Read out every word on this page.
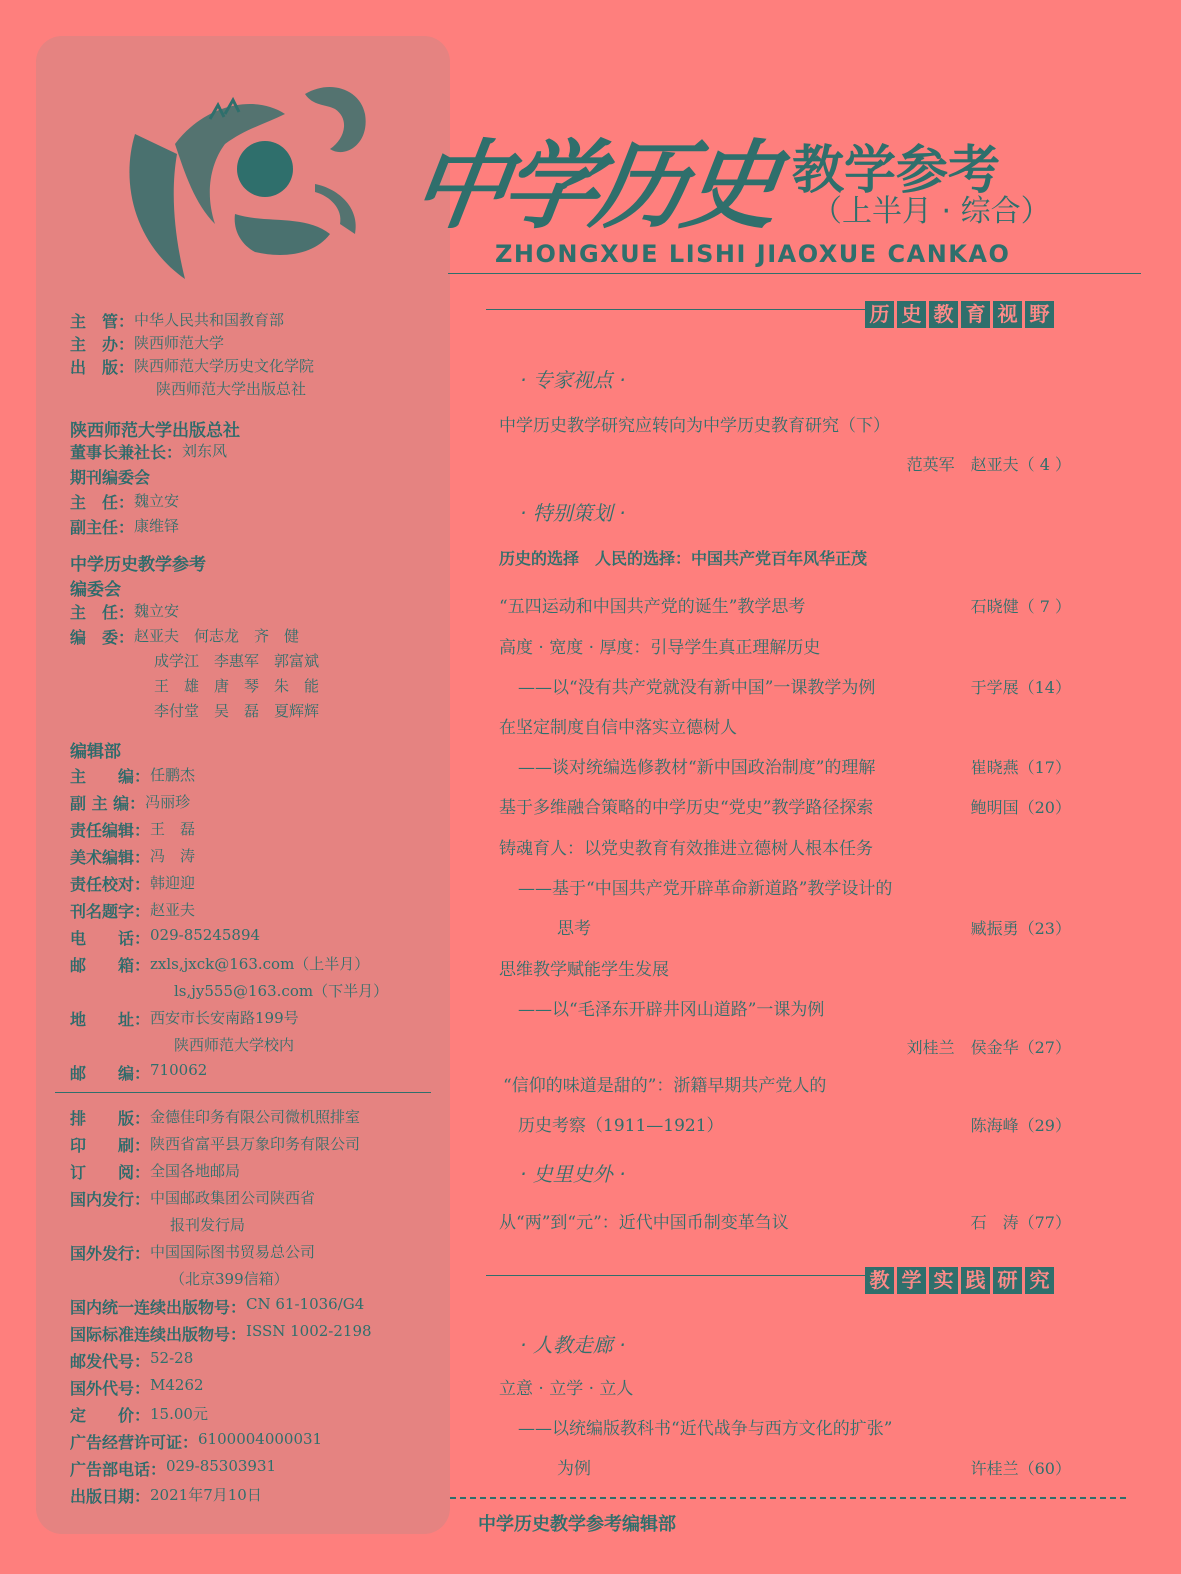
主　管： 中华人民共和国教育部
主　办： 陕西师范大学
出　版： 陕西师范大学历史文化学院
陕西师范大学出版总社
陕西师范大学出版总社
董事长兼社长： 刘东风
期刊编委会
主　任： 魏立安
副主任： 康维铎
中学历史教学参考
编委会
主　任： 魏立安
编　委： 赵亚夫　何志龙　齐　健
成学江　李惠军　郭富斌
王　雄　唐　琴　朱　能
李付堂　吴　磊　夏辉辉
编辑部
主　　编： 任鹏杰
副 主 编： 冯丽珍
责任编辑： 王　磊
美术编辑： 冯　涛
责任校对： 韩迎迎
刊名题字： 赵亚夫
电　　话： 029-85245894
邮　　箱： zxls,jxck@163.com（上半月）
ls,jy555@163.com（下半月）
地　　址： 西安市长安南路199号
陕西师范大学校内
邮　　编： 710062
排　　版： 金德佳印务有限公司微机照排室
印　　刷： 陕西省富平县万象印务有限公司
订　　阅： 全国各地邮局
国内发行： 中国邮政集团公司陕西省
报刊发行局
国外发行： 中国国际图书贸易总公司
（北京399信箱）
国内统一连续出版物号： CN 61-1036/G4
国际标准连续出版物号： ISSN 1002-2198
邮发代号： 52-28
国外代号： M4262
定　　价： 15.00元
广告经营许可证： 6100004000031
广告部电话： 029-85303931
出版日期： 2021年7月10日
中学历史 教学参考
（上半月 · 综合）
ZHONGXUE LISHI JIAOXUE CANKAO
历 史 教 育 视 野
· 专家视点 ·
中学历史教学研究应转向为中学历史教育研究（下）
范英军　赵亚夫（ 4 ）
· 特别策划 ·
历史的选择　人民的选择：中国共产党百年风华正茂
“五四运动和中国共产党的诞生”教学思考	石晓健（ 7 ）
高度 · 宽度 · 厚度：引导学生真正理解历史
——以“没有共产党就没有新中国”一课教学为例	于学展（14）
在坚定制度自信中落实立德树人
——谈对统编选修教材“新中国政治制度”的理解	崔晓燕（17）
基于多维融合策略的中学历史“党史”教学路径探索	鲍明国（20）
铸魂育人：以党史教育有效推进立德树人根本任务
——基于“中国共产党开辟革命新道路”教学设计的
思考	臧振勇（23）
思维教学赋能学生发展
——以“毛泽东开辟井冈山道路”一课为例
刘桂兰　侯金华（27）
“信仰的味道是甜的”：浙籍早期共产党人的
历史考察（1911—1921）	陈海峰（29）
· 史里史外 ·
从“两”到“元”：近代中国币制变革刍议	石　涛（77）
教 学 实 践 研 究
· 人教走廊 ·
立意 · 立学 · 立人
——以统编版教科书“近代战争与西方文化的扩张”
为例	许桂兰（60）
中学历史教学参考编辑部
